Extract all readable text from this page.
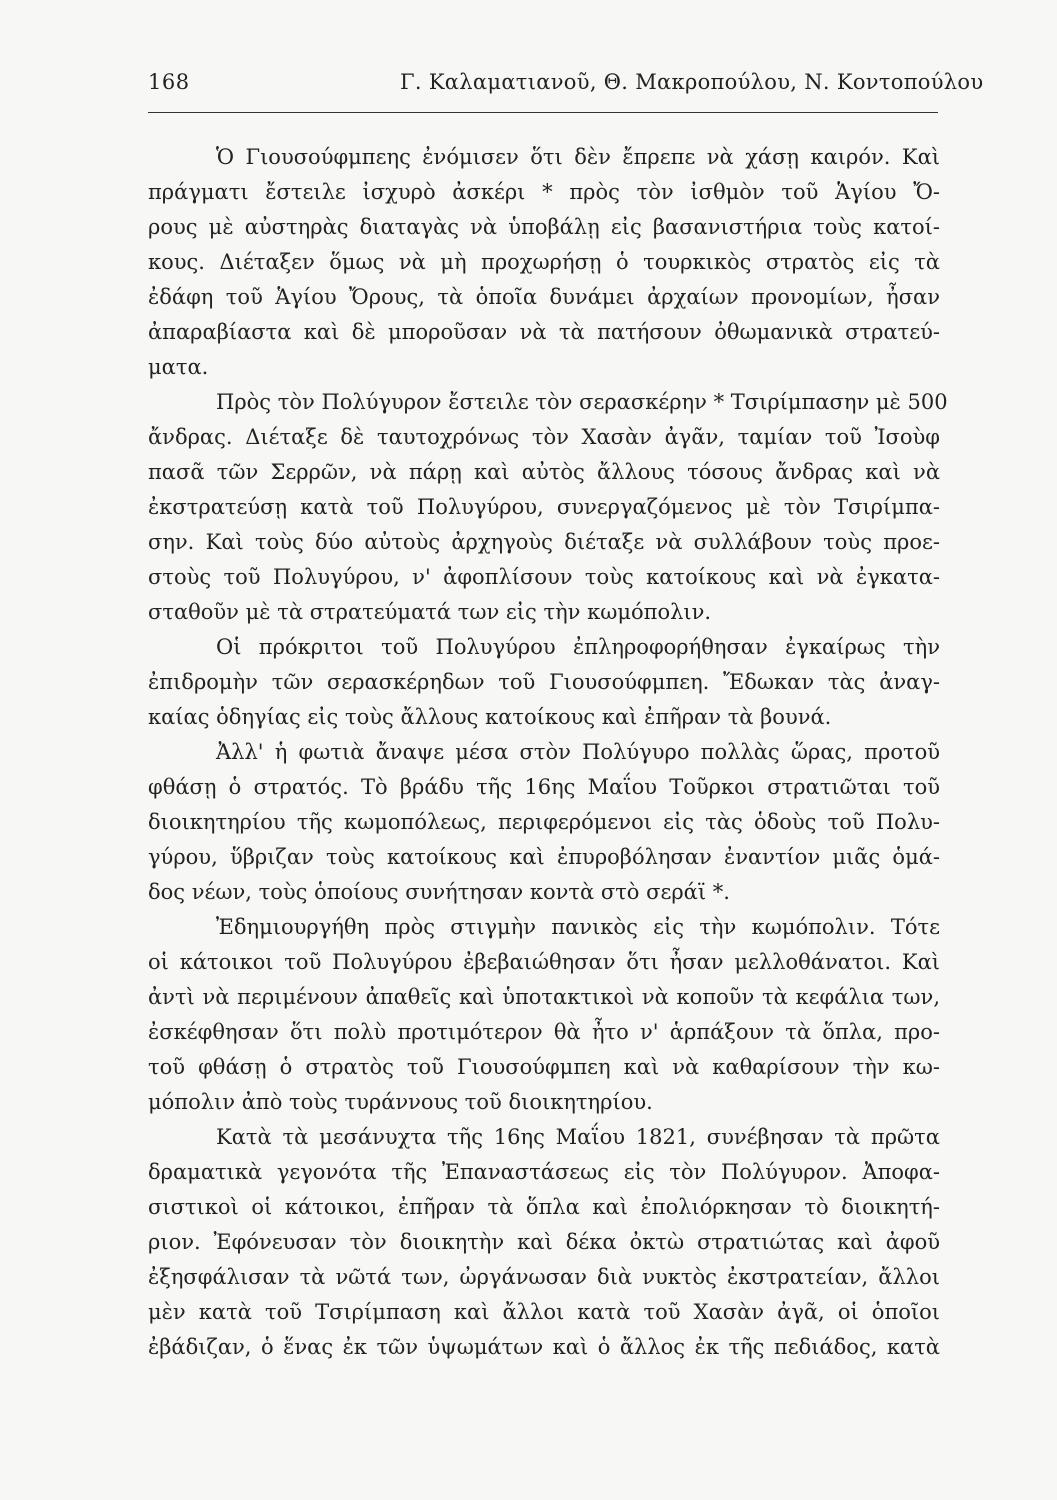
168	Γ. Καλαματιανοῦ, Θ. Μακροπούλου, Ν. Κοντοπούλου
Ὁ Γιουσούφμπεης ἐνόμισεν ὅτι δὲν ἔπρεπε νὰ χάσῃ καιρόν. Καὶ
πράγματι ἔστειλε ἰσχυρὸ ἀσκέρι * πρὸς τὸν ἰσθμὸν τοῦ Ἁγίου Ὄ-
ρους μὲ αὐστηρὰς διαταγὰς νὰ ὑποβάλῃ εἰς βασανιστήρια τοὺς κατοί-
κους. Διέταξεν ὅμως νὰ μὴ προχωρήσῃ ὁ τουρκικὸς στρατὸς εἰς τὰ
ἐδάφη τοῦ Ἁγίου Ὄρους, τὰ ὁποῖα δυνάμει ἀρχαίων προνομίων, ἦσαν
ἀπαραβίαστα καὶ δὲ μποροῦσαν νὰ τὰ πατήσουν ὀθωμανικὰ στρατεύ-
ματα.
Πρὸς τὸν Πολύγυρον ἔστειλε τὸν σερασκέρην * Τσιρίμπασην μὲ 500
ἄνδρας. Διέταξε δὲ ταυτοχρόνως τὸν Χασὰν ἀγᾶν, ταμίαν τοῦ Ἰσοὺφ
πασᾶ τῶν Σερρῶν, νὰ πάρῃ καὶ αὐτὸς ἄλλους τόσους ἄνδρας καὶ νὰ
ἐκστρατεύσῃ κατὰ τοῦ Πολυγύρου, συνεργαζόμενος μὲ τὸν Τσιρίμπα-
σην. Καὶ τοὺς δύο αὐτοὺς ἀρχηγοὺς διέταξε νὰ συλλάβουν τοὺς προε-
στοὺς τοῦ Πολυγύρου, ν' ἀφοπλίσουν τοὺς κατοίκους καὶ νὰ ἐγκατα-
σταθοῦν μὲ τὰ στρατεύματά των εἰς τὴν κωμόπολιν.
Οἱ πρόκριτοι τοῦ Πολυγύρου ἐπληροφορήθησαν ἐγκαίρως τὴν
ἐπιδρομὴν τῶν σερασκέρηδων τοῦ Γιουσούφμπεη. Ἔδωκαν τὰς ἀναγ-
καίας ὁδηγίας εἰς τοὺς ἄλλους κατοίκους καὶ ἐπῆραν τὰ βουνά.
Ἀλλ' ἡ φωτιὰ ἄναψε μέσα στὸν Πολύγυρο πολλὰς ὥρας, προτοῦ
φθάσῃ ὁ στρατός. Τὸ βράδυ τῆς 16ης Μαΐου Τοῦρκοι στρατιῶται τοῦ
διοικητηρίου τῆς κωμοπόλεως, περιφερόμενοι εἰς τὰς ὁδοὺς τοῦ Πολυ-
γύρου, ὕβριζαν τοὺς κατοίκους καὶ ἐπυροβόλησαν ἐναντίον μιᾶς ὁμά-
δος νέων, τοὺς ὁποίους συνήτησαν κοντὰ στὸ σεράϊ *.
Ἐδημιουργήθη πρὸς στιγμὴν πανικὸς εἰς τὴν κωμόπολιν. Τότε
οἱ κάτοικοι τοῦ Πολυγύρου ἐβεβαιώθησαν ὅτι ἦσαν μελλοθάνατοι. Καὶ
ἀντὶ νὰ περιμένουν ἀπαθεῖς καὶ ὑποτακτικοὶ νὰ κοποῦν τὰ κεφάλια των,
ἐσκέφθησαν ὅτι πολὺ προτιμότερον θὰ ἦτο ν' ἁρπάξουν τὰ ὅπλα, προ-
τοῦ φθάσῃ ὁ στρατὸς τοῦ Γιουσούφμπεη καὶ νὰ καθαρίσουν τὴν κω-
μόπολιν ἀπὸ τοὺς τυράννους τοῦ διοικητηρίου.
Κατὰ τὰ μεσάνυχτα τῆς 16ης Μαΐου 1821, συνέβησαν τὰ πρῶτα
δραματικὰ γεγονότα τῆς Ἐπαναστάσεως εἰς τὸν Πολύγυρον. Ἀποφα-
σιστικοὶ οἱ κάτοικοι, ἐπῆραν τὰ ὅπλα καὶ ἐπολιόρκησαν τὸ διοικητή-
ριον. Ἐφόνευσαν τὸν διοικητὴν καὶ δέκα ὀκτὼ στρατιώτας καὶ ἀφοῦ
ἐξησφάλισαν τὰ νῶτά των, ὠργάνωσαν διὰ νυκτὸς ἐκστρατείαν, ἄλλοι
μὲν κατὰ τοῦ Τσιρίμπαση καὶ ἄλλοι κατὰ τοῦ Χασὰν ἀγᾶ, οἱ ὁποῖοι
ἐβάδιζαν, ὁ ἕνας ἐκ τῶν ὑψωμάτων καὶ ὁ ἄλλος ἐκ τῆς πεδιάδος, κατὰ
